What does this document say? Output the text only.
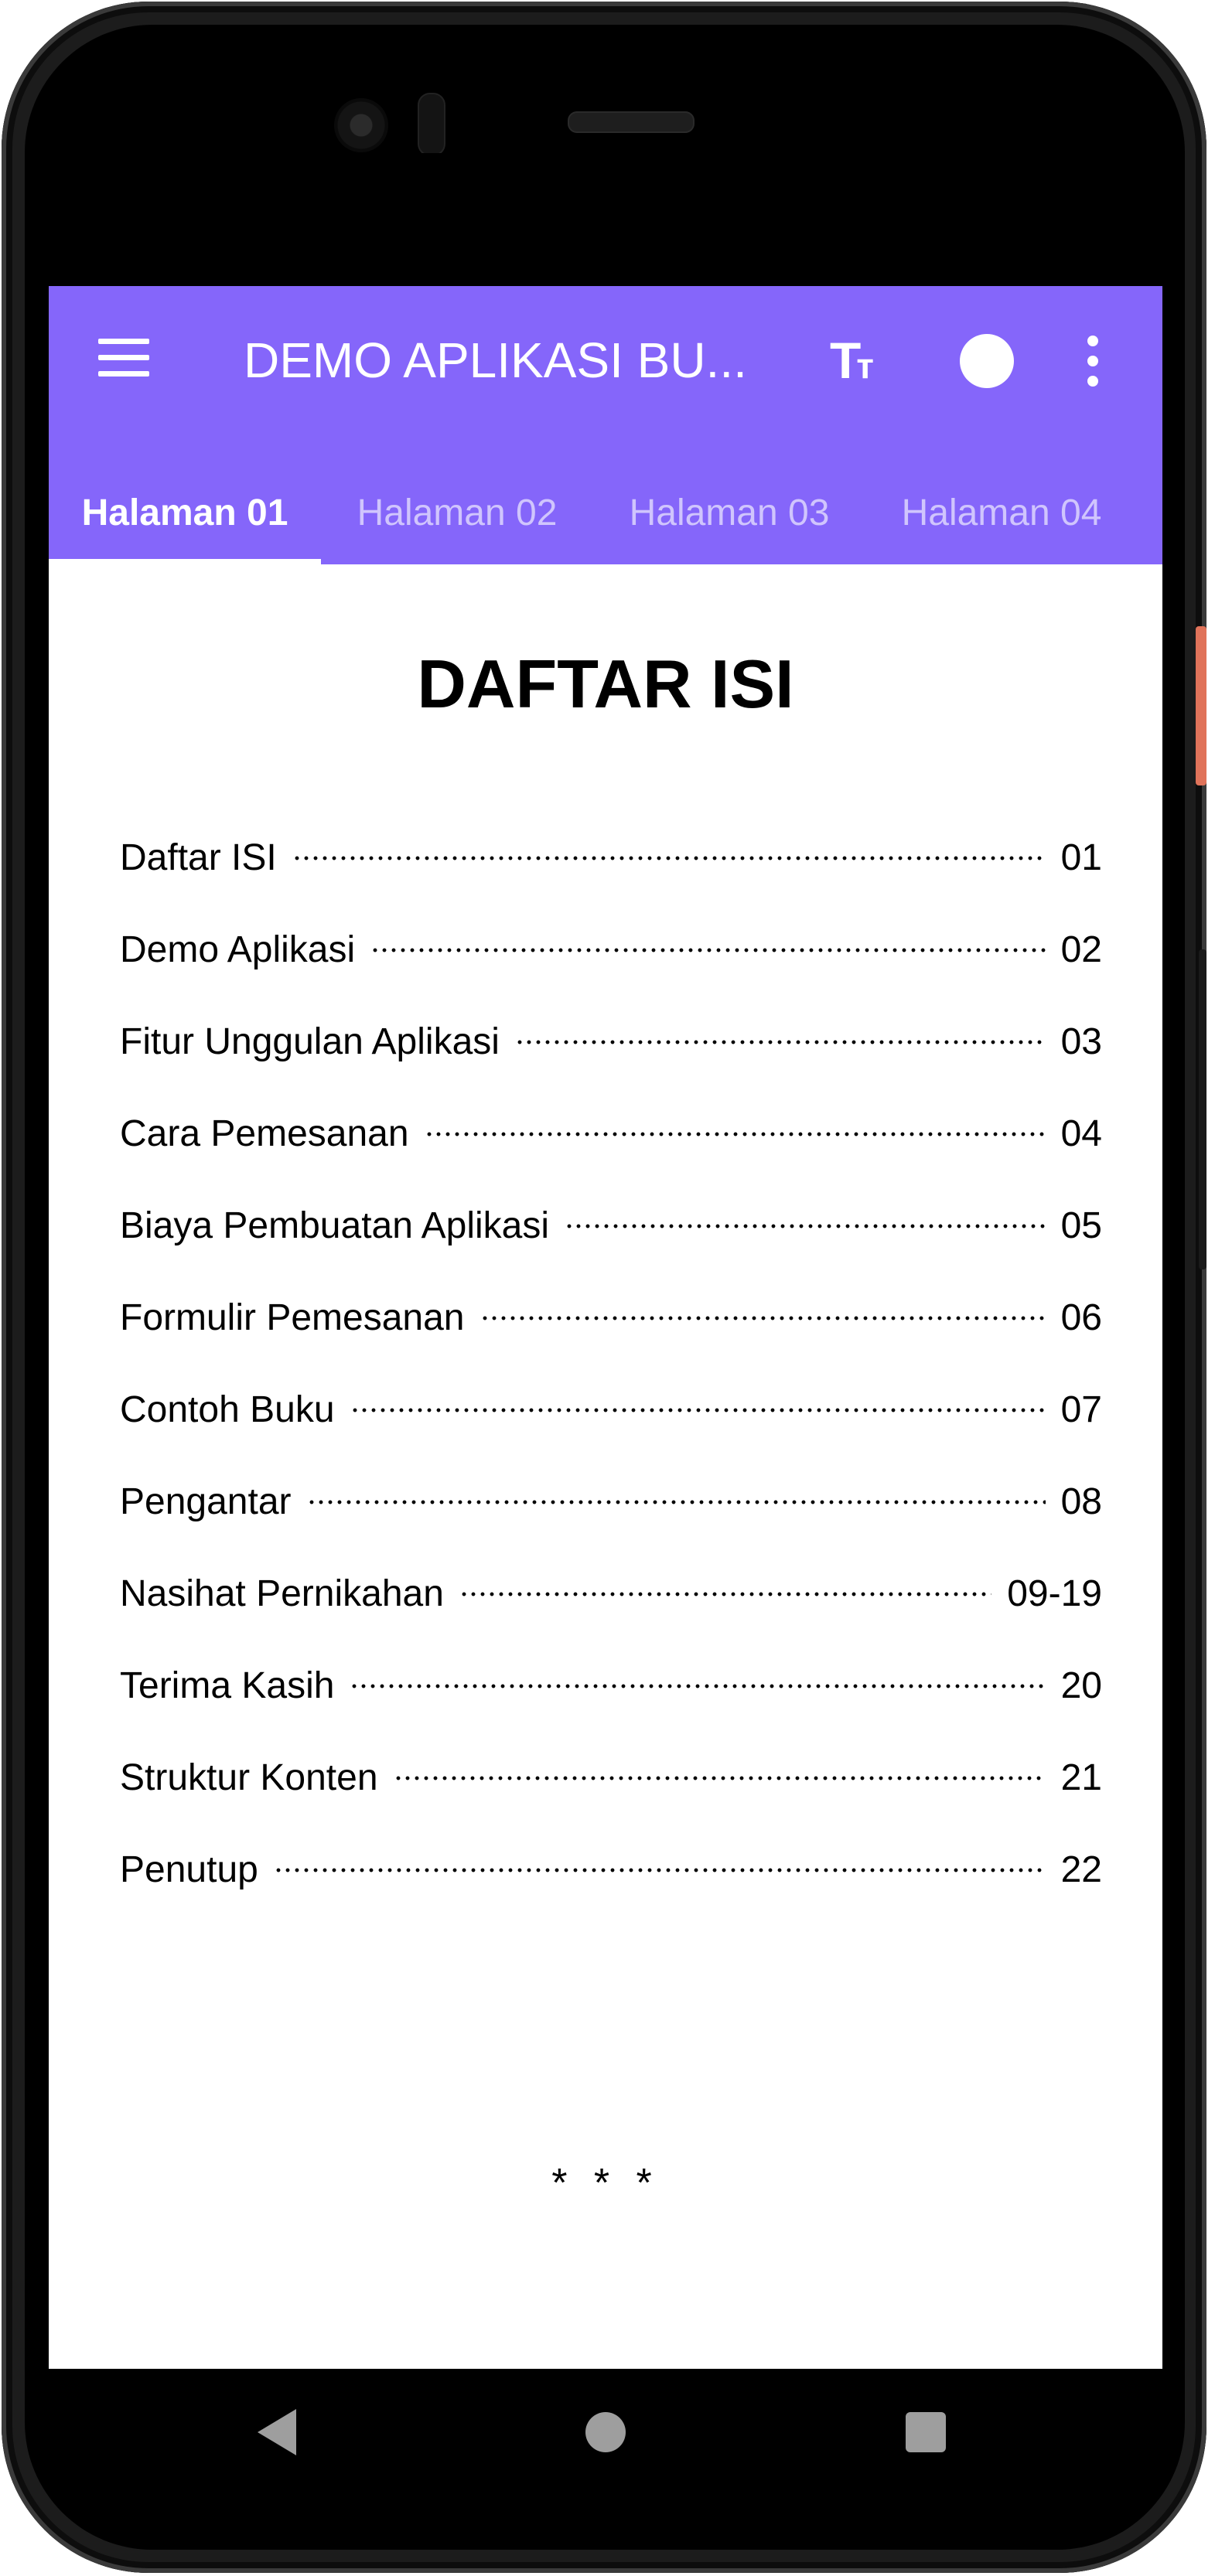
DEMO APLIKASI BU...	Tт
Halaman 01	Halaman 02	Halaman 03	Halaman 04
DAFTAR ISI
Daftar ISI	01
Demo Aplikasi	02
Fitur Unggulan Aplikasi	03
Cara Pemesanan	04
Biaya Pembuatan Aplikasi	05
Formulir Pemesanan	06
Contoh Buku	07
Pengantar	08
Nasihat Pernikahan	09-19
Terima Kasih	20
Struktur Konten	21
Penutup	22
* * *
